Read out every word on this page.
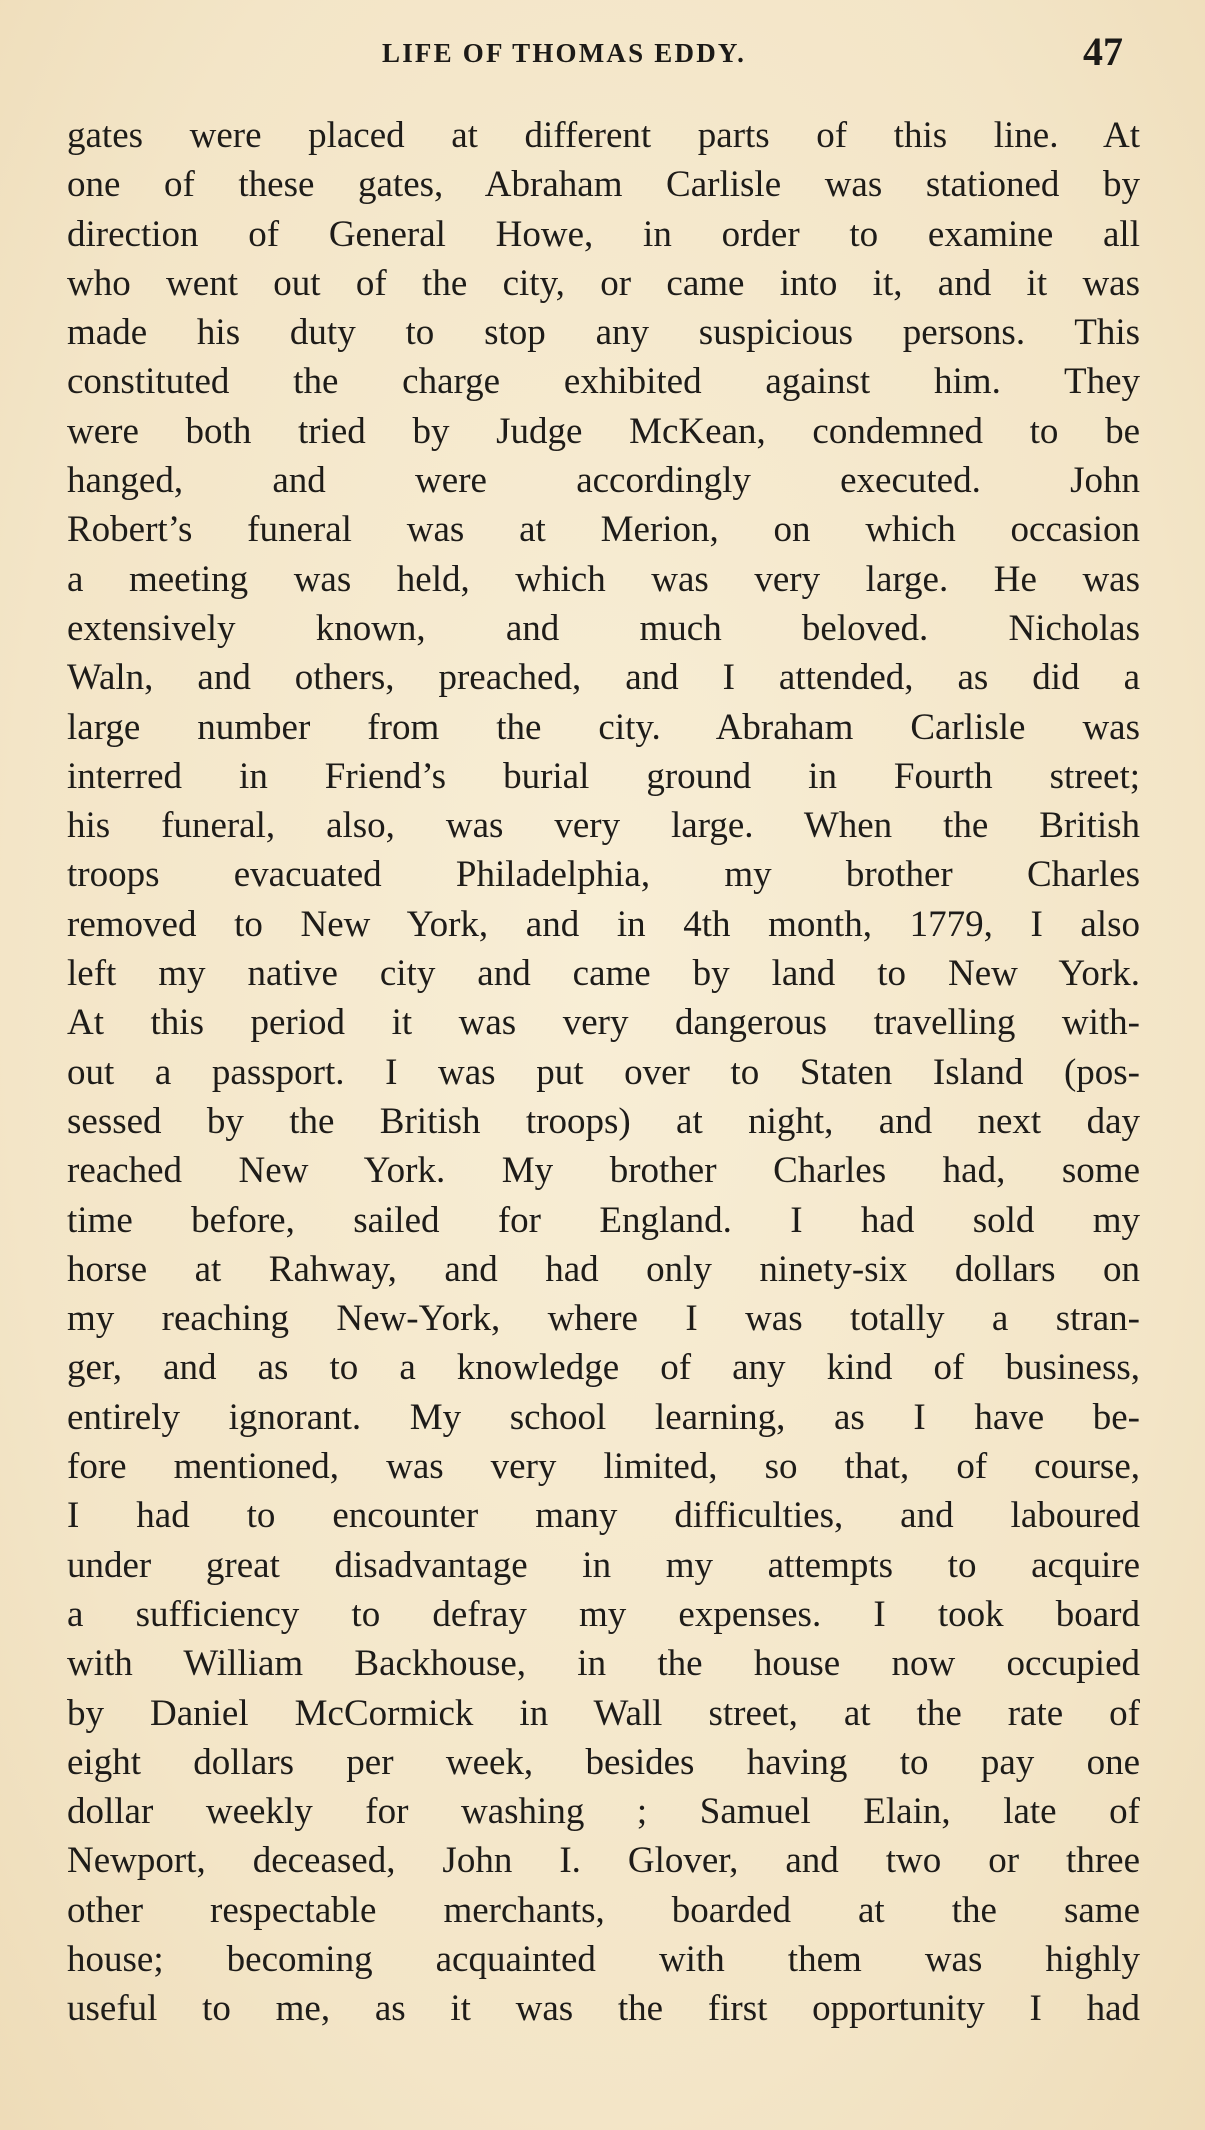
LIFE OF THOMAS EDDY.	47
gates were placed at different parts of this line. At
one of these gates, Abraham Carlisle was stationed by
direction of General Howe, in order to examine all
who went out of the city, or came into it, and it was
made his duty to stop any suspicious persons. This
constituted the charge exhibited against him. They
were both tried by Judge McKean, condemned to be
hanged, and were accordingly executed. John
Robert’s funeral was at Merion, on which occasion
a meeting was held, which was very large. He was
extensively known, and much beloved. Nicholas
Waln, and others, preached, and I attended, as did a
large number from the city. Abraham Carlisle was
interred in Friend’s burial ground in Fourth street;
his funeral, also, was very large. When the British
troops evacuated Philadelphia, my brother Charles
removed to New York, and in 4th month, 1779, I also
left my native city and came by land to New York.
At this period it was very dangerous travelling with-
out a passport. I was put over to Staten Island (pos-
sessed by the British troops) at night, and next day
reached New York. My brother Charles had, some
time before, sailed for England. I had sold my
horse at Rahway, and had only ninety-six dollars on
my reaching New-York, where I was totally a stran-
ger, and as to a knowledge of any kind of business,
entirely ignorant. My school learning, as I have be-
fore mentioned, was very limited, so that, of course,
I had to encounter many difficulties, and laboured
under great disadvantage in my attempts to acquire
a sufficiency to defray my expenses. I took board
with William Backhouse, in the house now occupied
by Daniel McCormick in Wall street, at the rate of
eight dollars per week, besides having to pay one
dollar weekly for washing ; Samuel Elain, late of
Newport, deceased, John I. Glover, and two or three
other respectable merchants, boarded at the same
house; becoming acquainted with them was highly
useful to me, as it was the first opportunity I had
